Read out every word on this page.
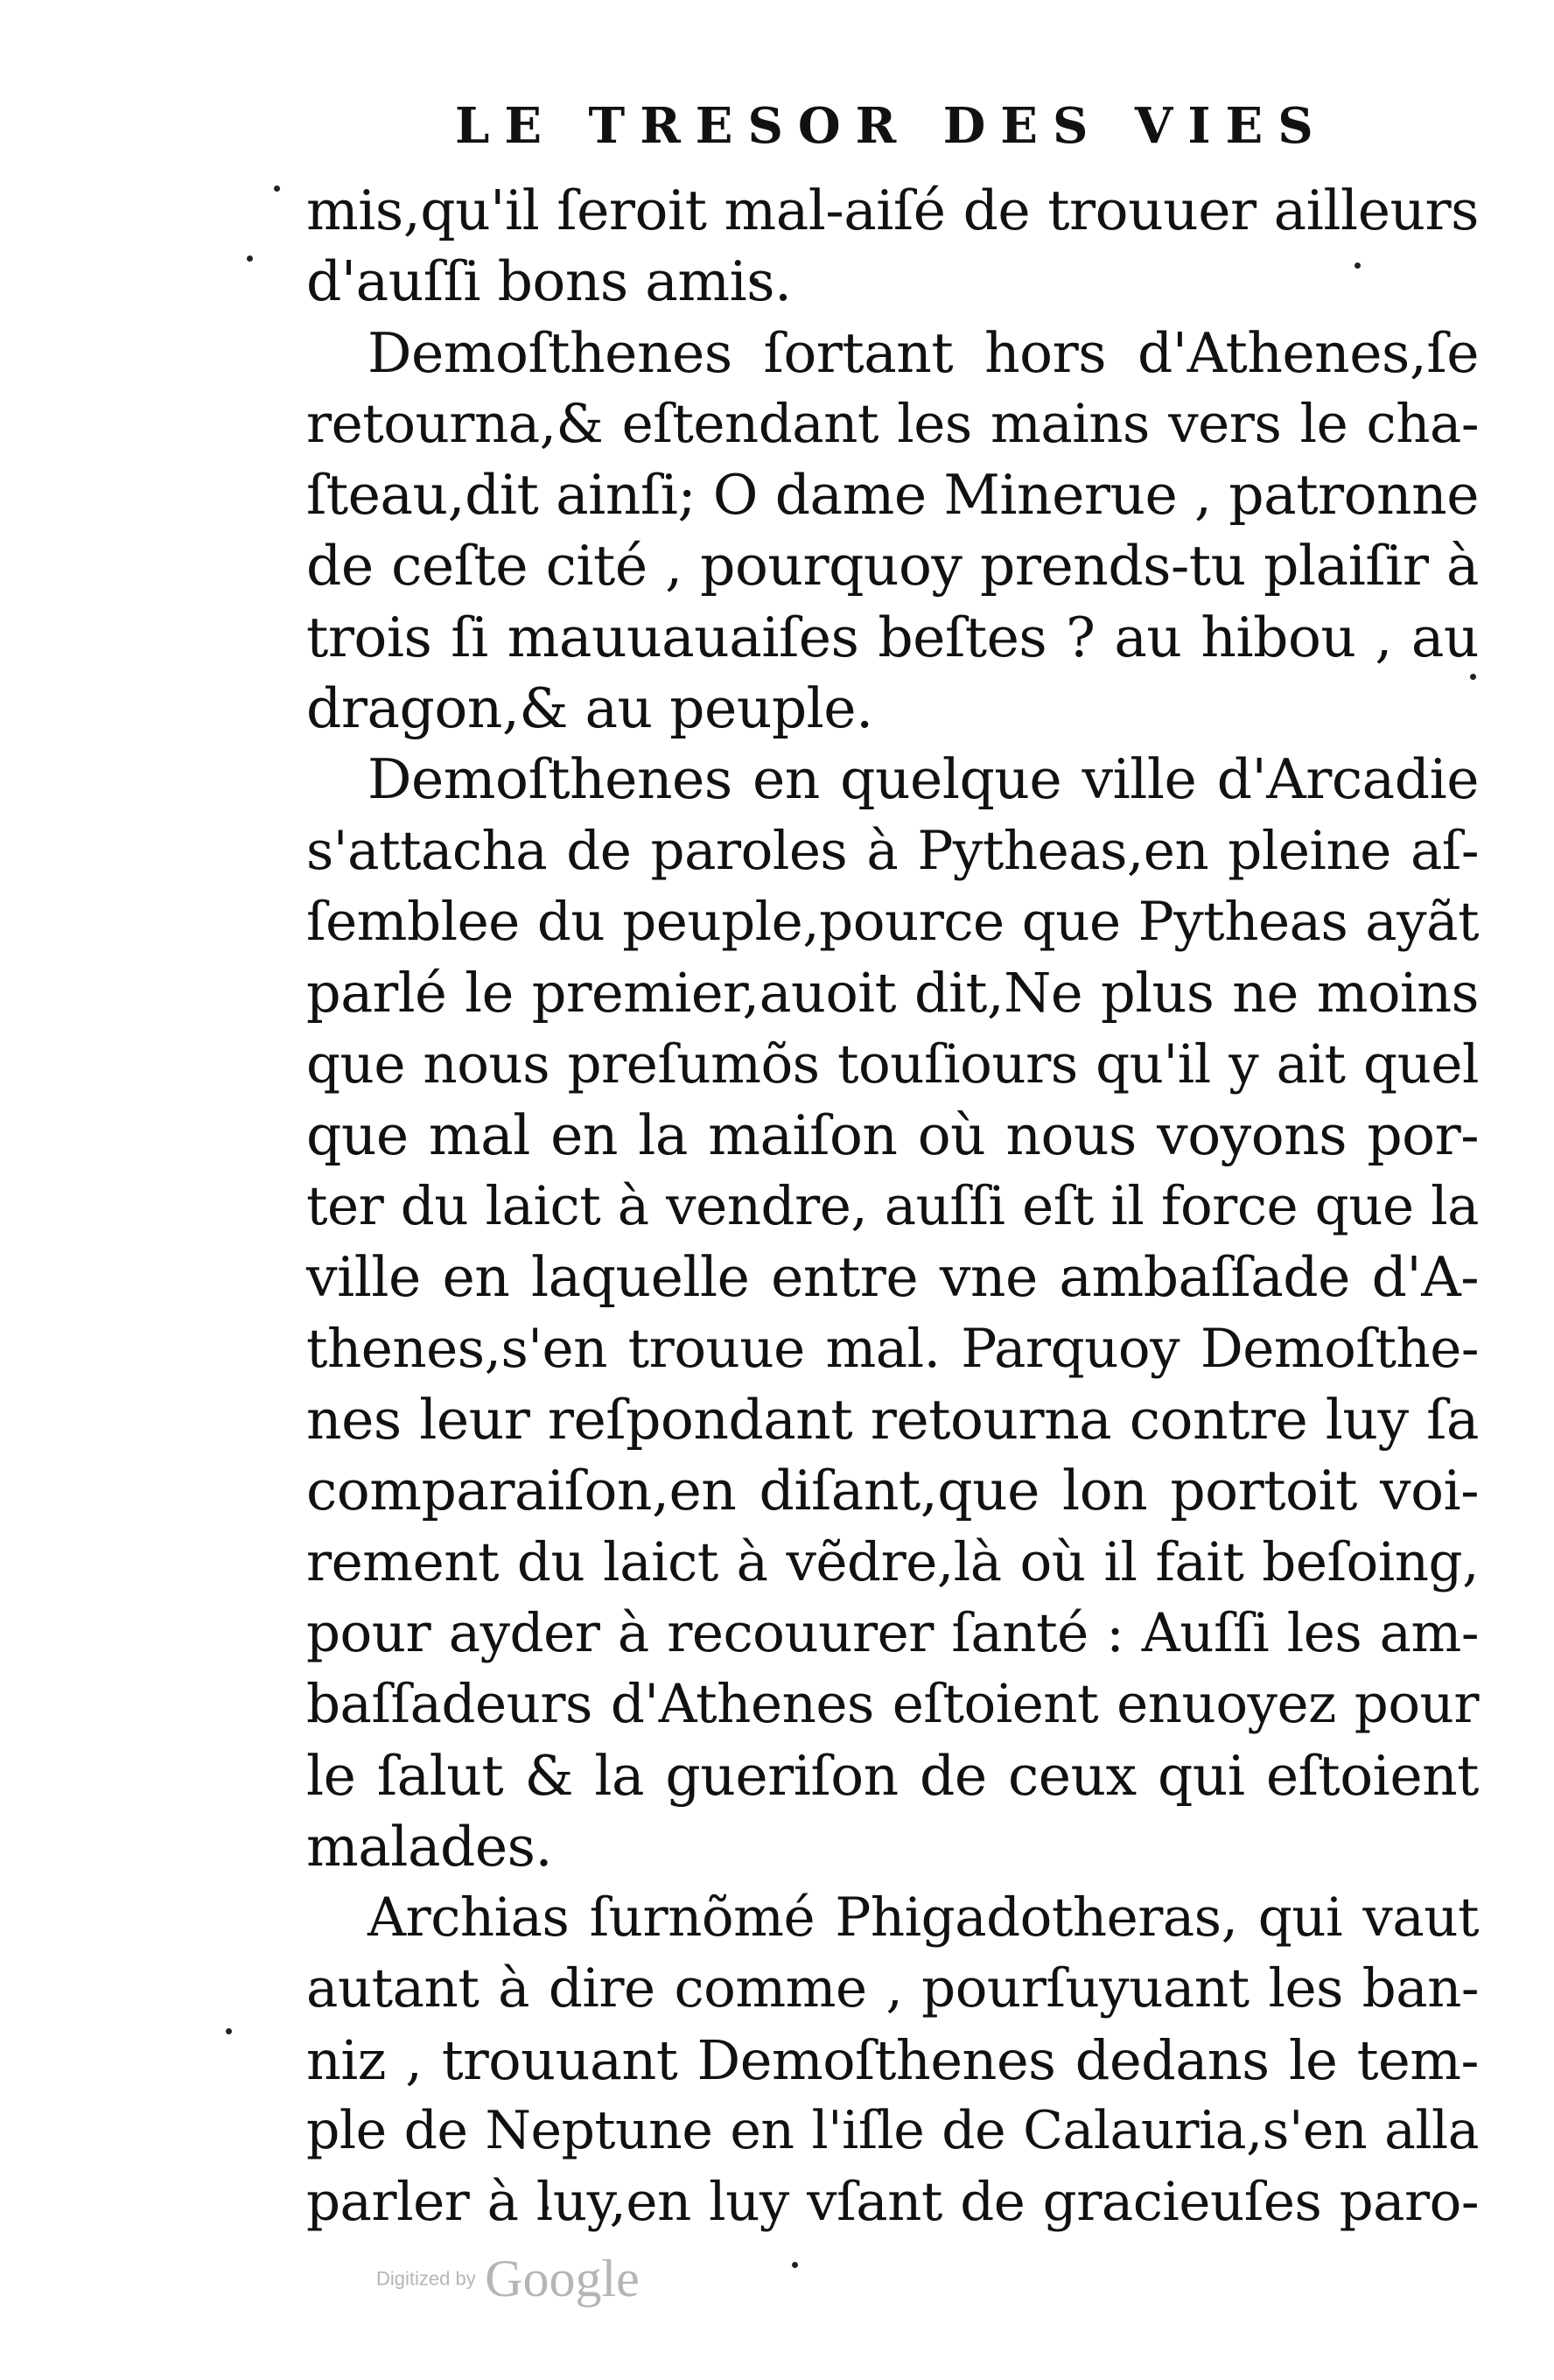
LE TRESOR DES VIES
mis,qu'il ſeroit mal-aiſé de trouuer ailleurs
d'auſſi bons amis.
Demoſthenes ſortant hors d'Athenes,ſe
retourna,& eſtendant les mains vers le cha-
ſteau,dit ainſi; O dame Minerue , patronne
de ceſte cité , pourquoy prends-tu plaiſir à
trois ſi mauuauaiſes beſtes ? au hibou , au
dragon,& au peuple.
Demoſthenes en quelque ville d'Arcadie
s'attacha de paroles à Pytheas,en pleine aſ-
ſemblee du peuple,pource que Pytheas ayãt
parlé le premier,auoit dit,Ne plus ne moins
que nous preſumõs touſiours qu'il y ait quel
que mal en la maiſon où nous voyons por-
ter du laict à vendre, auſſi eſt il force que la
ville en laquelle entre vne ambaſſade d'A-
thenes,s'en trouue mal. Parquoy Demoſthe-
nes leur reſpondant retourna contre luy ſa
comparaiſon,en diſant,que lon portoit voi-
rement du laict à vẽdre,là où il fait beſoing,
pour ayder à recouurer ſanté : Auſſi les am-
baſſadeurs d'Athenes eſtoient enuoyez pour
le ſalut & la gueriſon de ceux qui eſtoient
malades.
Archias ſurnõmé Phigadotheras, qui vaut
autant à dire comme , pourſuyuant les ban-
niz , trouuant Demoſthenes dedans le tem-
ple de Neptune en l'iſle de Calauria,s'en alla
parler à luy,en luy vſant de gracieuſes paro-
Digitized by Google
